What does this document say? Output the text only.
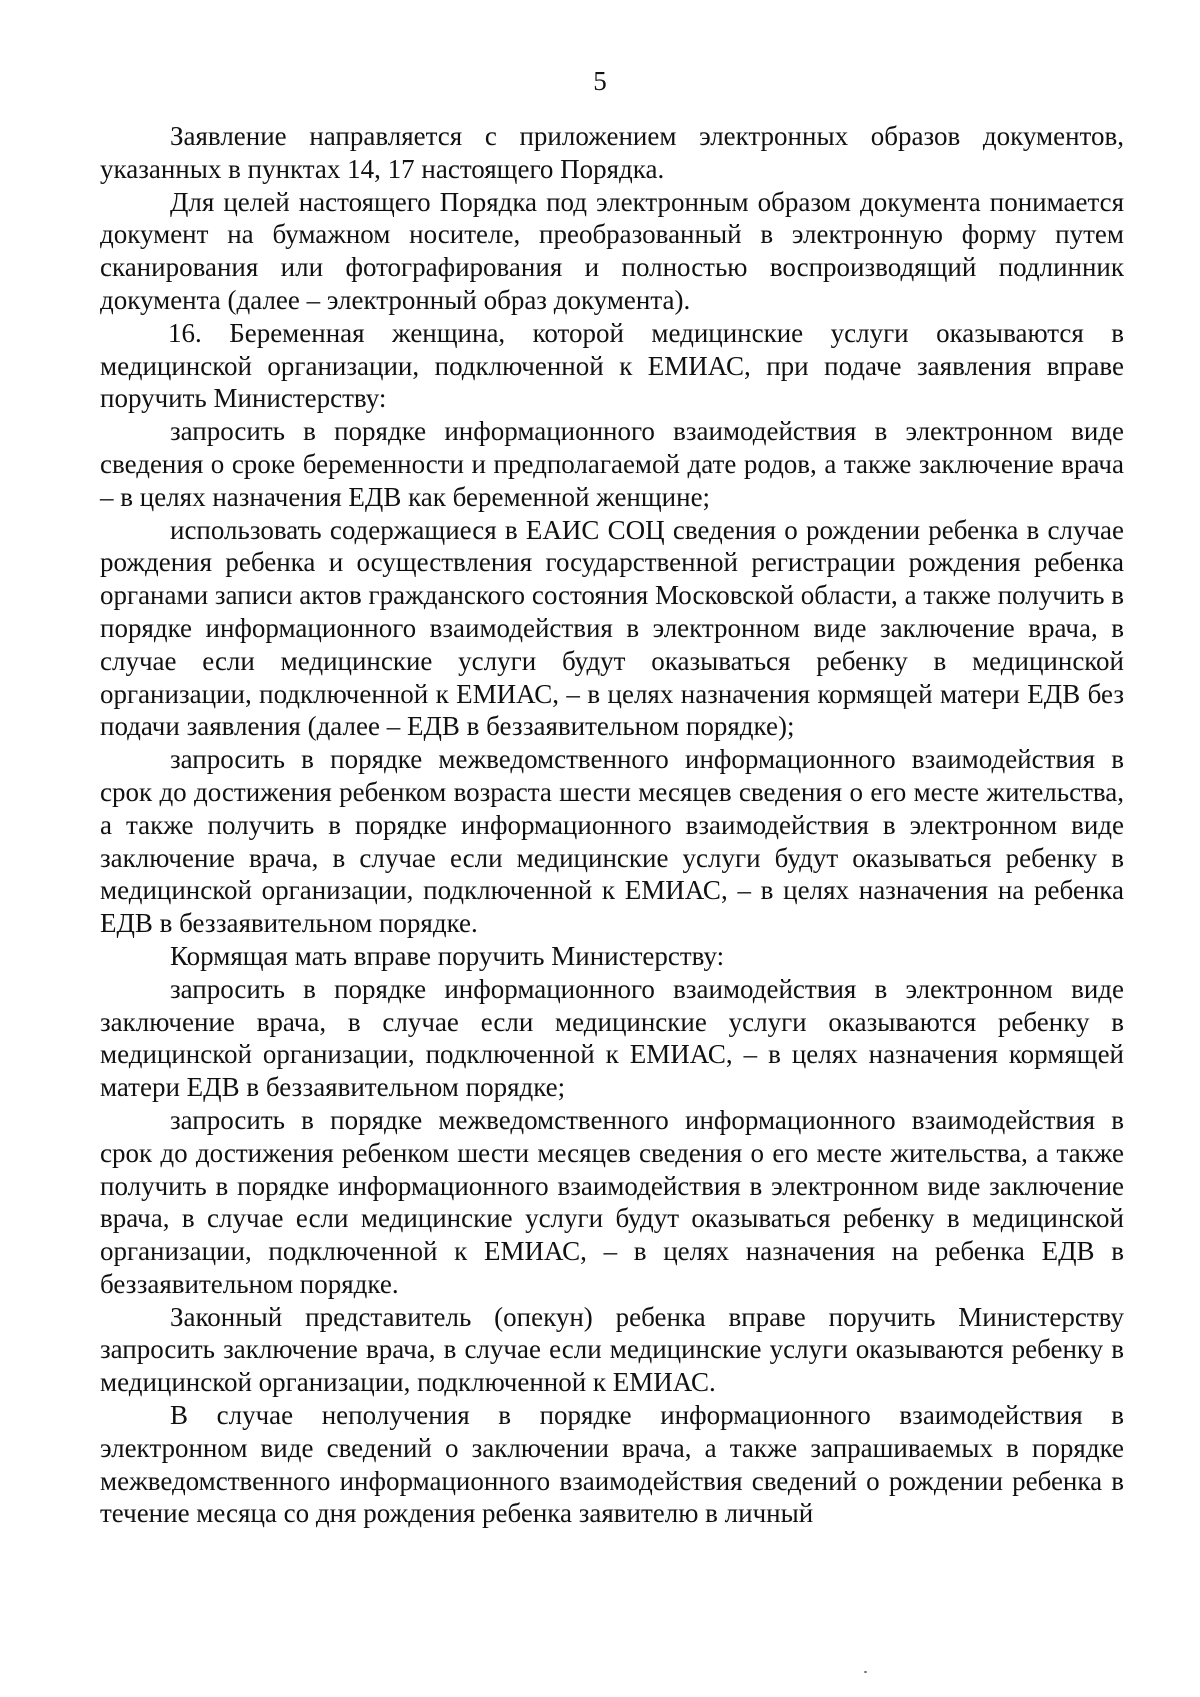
5

Заявление направляется с приложением электронных образов документов, указанных в пунктах 14, 17 настоящего Порядка.

Для целей настоящего Порядка под электронным образом документа понимается документ на бумажном носителе, преобразованный в электронную форму путем сканирования или фотографирования и полностью воспроизводящий подлинник документа (далее – электронный образ документа).

16. Беременная женщина, которой медицинские услуги оказываются в медицинской организации, подключенной к ЕМИАС, при подаче заявления вправе поручить Министерству:

запросить в порядке информационного взаимодействия в электронном виде сведения о сроке беременности и предполагаемой дате родов, а также заключение врача – в целях назначения ЕДВ как беременной женщине;

использовать содержащиеся в ЕАИС СОЦ сведения о рождении ребенка в случае рождения ребенка и осуществления государственной регистрации рождения ребенка органами записи актов гражданского состояния Московской области, а также получить в порядке информационного взаимодействия в электронном виде заключение врача, в случае если медицинские услуги будут оказываться ребенку в медицинской организации, подключенной к ЕМИАС, – в целях назначения кормящей матери ЕДВ без подачи заявления (далее – ЕДВ в беззаявительном порядке);

запросить в порядке межведомственного информационного взаимодействия в срок до достижения ребенком возраста шести месяцев сведения о его месте жительства, а также получить в порядке информационного взаимодействия в электронном виде заключение врача, в случае если медицинские услуги будут оказываться ребенку в медицинской организации, подключенной к ЕМИАС, – в целях назначения на ребенка ЕДВ в беззаявительном порядке.

Кормящая мать вправе поручить Министерству:

запросить в порядке информационного взаимодействия в электронном виде заключение врача, в случае если медицинские услуги оказываются ребенку в медицинской организации, подключенной к ЕМИАС, – в целях назначения кормящей матери ЕДВ в беззаявительном порядке;

запросить в порядке межведомственного информационного взаимодействия в срок до достижения ребенком шести месяцев сведения о его месте жительства, а также получить в порядке информационного взаимодействия в электронном виде заключение врача, в случае если медицинские услуги будут оказываться ребенку в медицинской организации, подключенной к ЕМИАС, – в целях назначения на ребенка ЕДВ в беззаявительном порядке.

Законный представитель (опекун) ребенка вправе поручить Министерству запросить заключение врача, в случае если медицинские услуги оказываются ребенку в медицинской организации, подключенной к ЕМИАС.

В случае неполучения в порядке информационного взаимодействия в электронном виде сведений о заключении врача, а также запрашиваемых в порядке межведомственного информационного взаимодействия сведений о рождении ребенка в течение месяца со дня рождения ребенка заявителю в личный
